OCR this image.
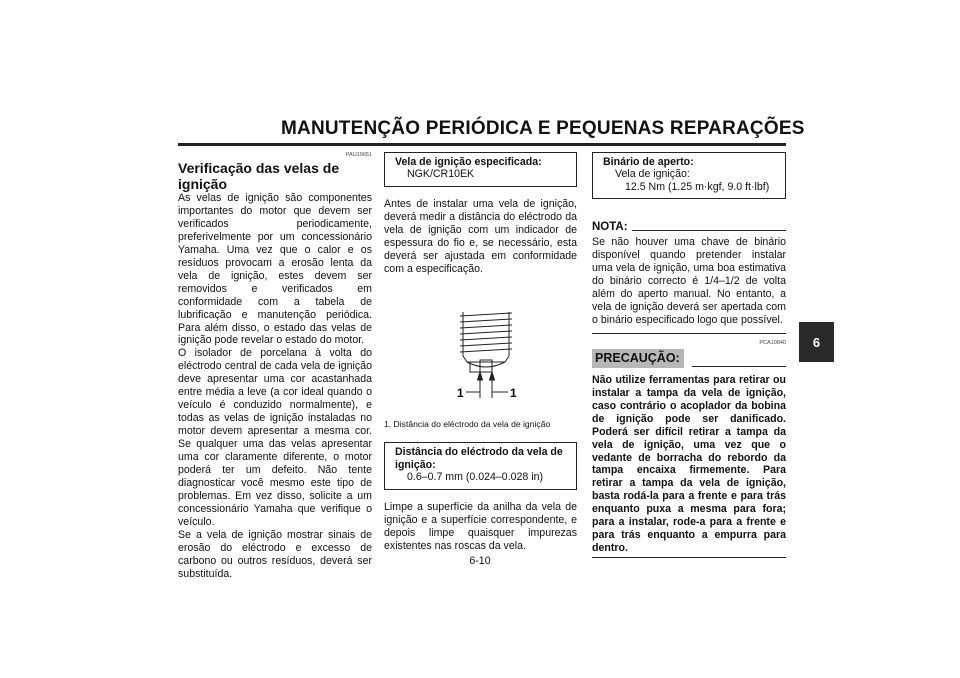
MANUTENÇÃO PERIÓDICA E PEQUENAS REPARAÇÕES
6
PAU19651
Verificação das velas de ignição

As velas de ignição são componentes importantes do motor que devem ser verificados periodicamente, preferivelmente por um concessionário Yamaha. Uma vez que o calor e os resíduos provocam a erosão lenta da vela de ignição, estes devem ser removidos e verificados em conformidade com a tabela de lubrificação e manutenção periódica. Para além disso, o estado das velas de ignição pode revelar o estado do motor.

O isolador de porcelana à volta do eléctrodo central de cada vela de ignição deve apresentar uma cor acastanhada entre média a leve (a cor ideal quando o veículo é conduzido normalmente), e todas as velas de ignição instaladas no motor devem apresentar a mesma cor. Se qualquer uma das velas apresentar uma cor claramente diferente, o motor poderá ter um defeito. Não tente diagnosticar você mesmo este tipo de problemas. Em vez disso, solicite a um concessionário Yamaha que verifique o veículo.

Se a vela de ignição mostrar sinais de erosão do eléctrodo e excesso de carbono ou outros resíduos, deverá ser substituída.

Vela de ignição especificada:
NGK/CR10EK

Antes de instalar uma vela de ignição, deverá medir a distância do eléctrodo da vela de ignição com um indicador de espessura do fio e, se necessário, esta deverá ser ajustada em conformidade com a especificação.

1	1
1. Distância do eléctrodo da vela de ignição
Distância do eléctrodo da vela de ignição:
0.6–0.7 mm (0.024–0.028 in)

Limpe a superfície da anilha da vela de ignição e a superfície correspondente, e depois limpe quaisquer impurezas existentes nas roscas da vela.

Binário de aperto:
Vela de ignição:
12.5 Nm (1.25 m·kgf, 9.0 ft·lbf)
NOTA:

Se não houver uma chave de binário disponível quando pretender instalar uma vela de ignição, uma boa estimativa do binário correcto é 1/4–1/2 de volta além do aperto manual. No entanto, a vela de ignição deverá ser apertada com o binário especificado logo que possível.

PCA10840
PRECAUÇÃO:

Não utilize ferramentas para retirar ou instalar a tampa da vela de ignição, caso contrário o acoplador da bobina de ignição pode ser danificado. Poderá ser difícil retirar a tampa da vela de ignição, uma vez que o vedante de borracha do rebordo da tampa encaixa firmemente. Para retirar a tampa da vela de ignição, basta rodá-la para a frente e para trás enquanto puxa a mesma para fora; para a instalar, rode-a para a frente e para trás enquanto a empurra para dentro.

6-10
